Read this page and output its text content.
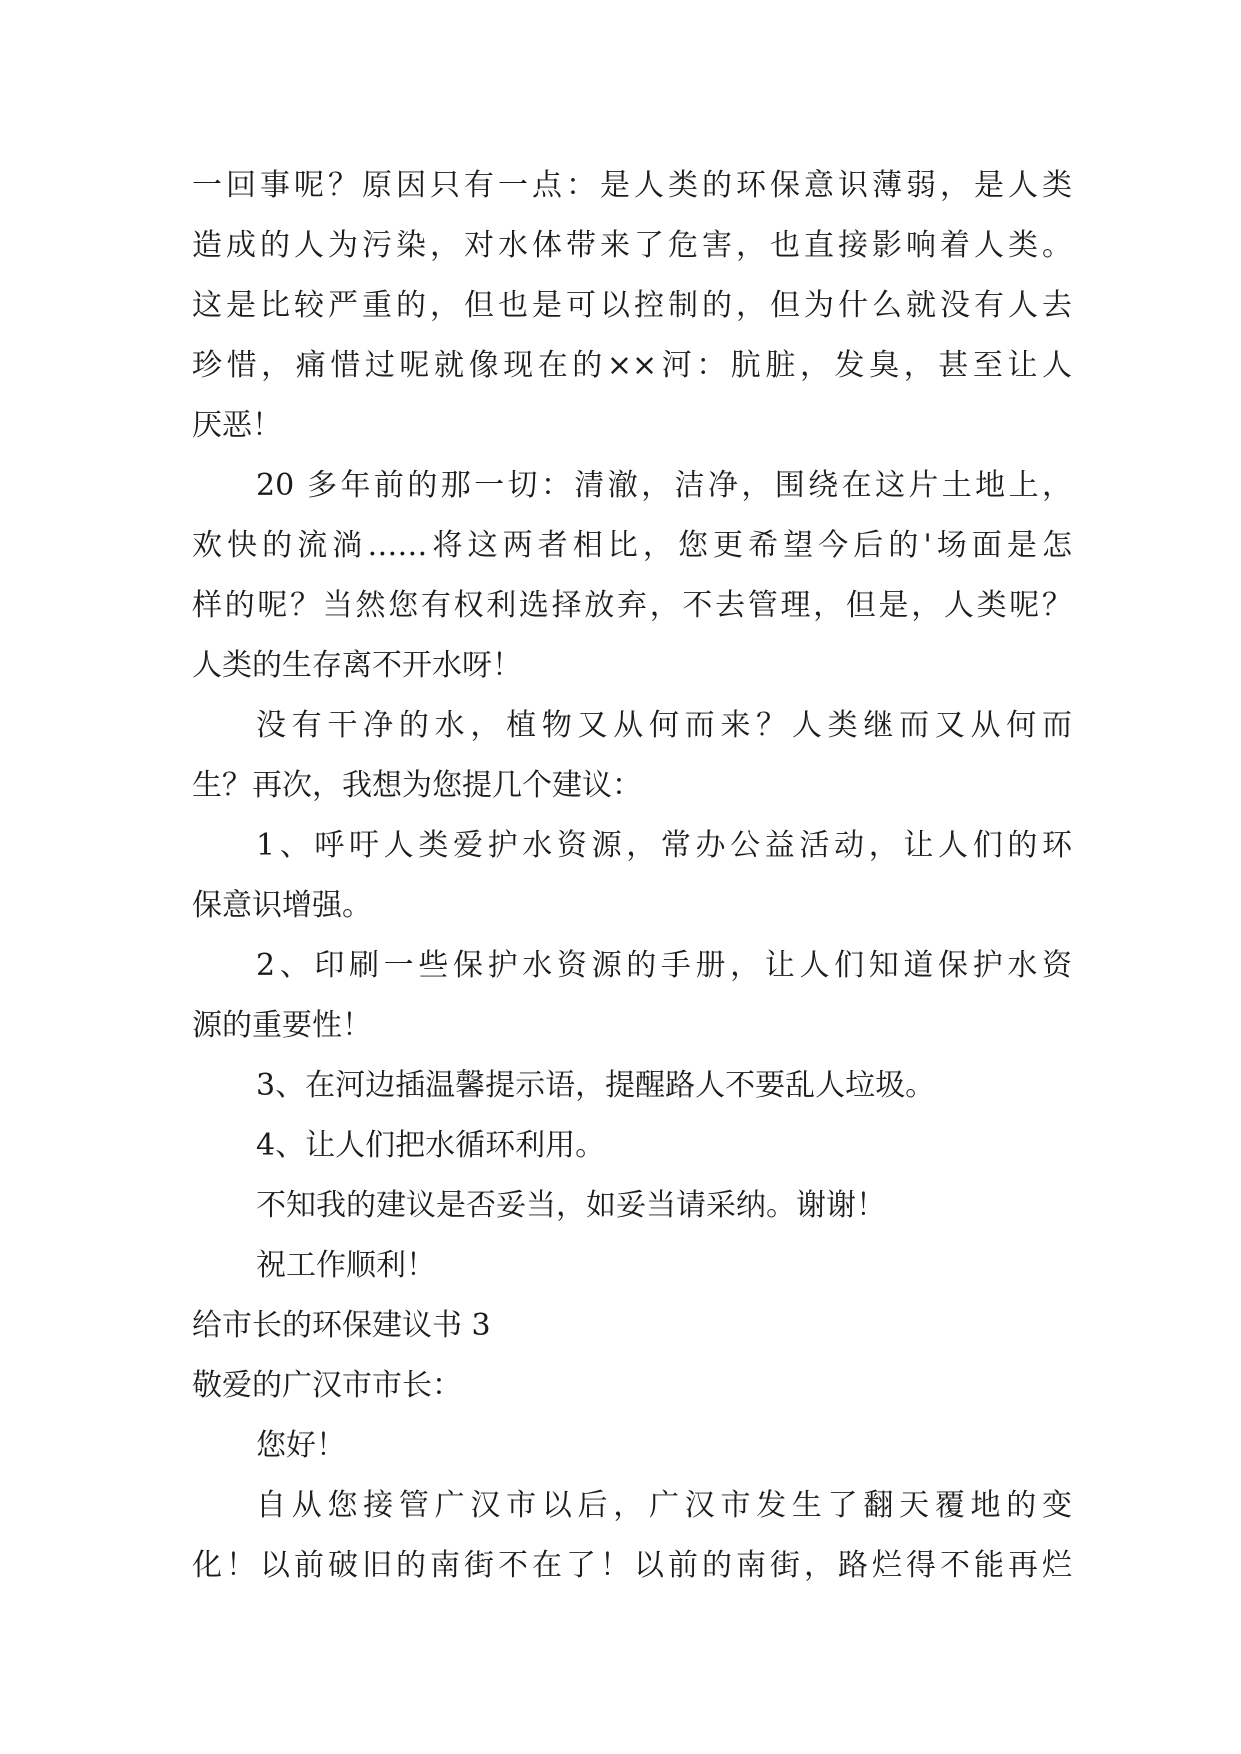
一回事呢？原因只有一点：是人类的环保意识薄弱，是人类
造成的人为污染，对水体带来了危害，也直接影响着人类。
这是比较严重的，但也是可以控制的，但为什么就没有人去
珍惜，痛惜过呢就像现在的××河：肮脏，发臭，甚至让人
厌恶！
20 多年前的那一切：清澈，洁净，围绕在这片土地上，
欢快的流淌……将这两者相比，您更希望今后的'场面是怎
样的呢？当然您有权利选择放弃，不去管理，但是，人类呢？
人类的生存离不开水呀！
没有干净的水，植物又从何而来？人类继而又从何而
生？再次，我想为您提几个建议：
1、呼吁人类爱护水资源，常办公益活动，让人们的环
保意识增强。
2、印刷一些保护水资源的手册，让人们知道保护水资
源的重要性！
3、在河边插温馨提示语，提醒路人不要乱人垃圾。
4、让人们把水循环利用。
不知我的建议是否妥当，如妥当请采纳。谢谢！
祝工作顺利！
给市长的环保建议书 3
敬爱的广汉市市长：
您好！
自从您接管广汉市以后，广汉市发生了翻天覆地的变
化！以前破旧的南街不在了！以前的南街，路烂得不能再烂
